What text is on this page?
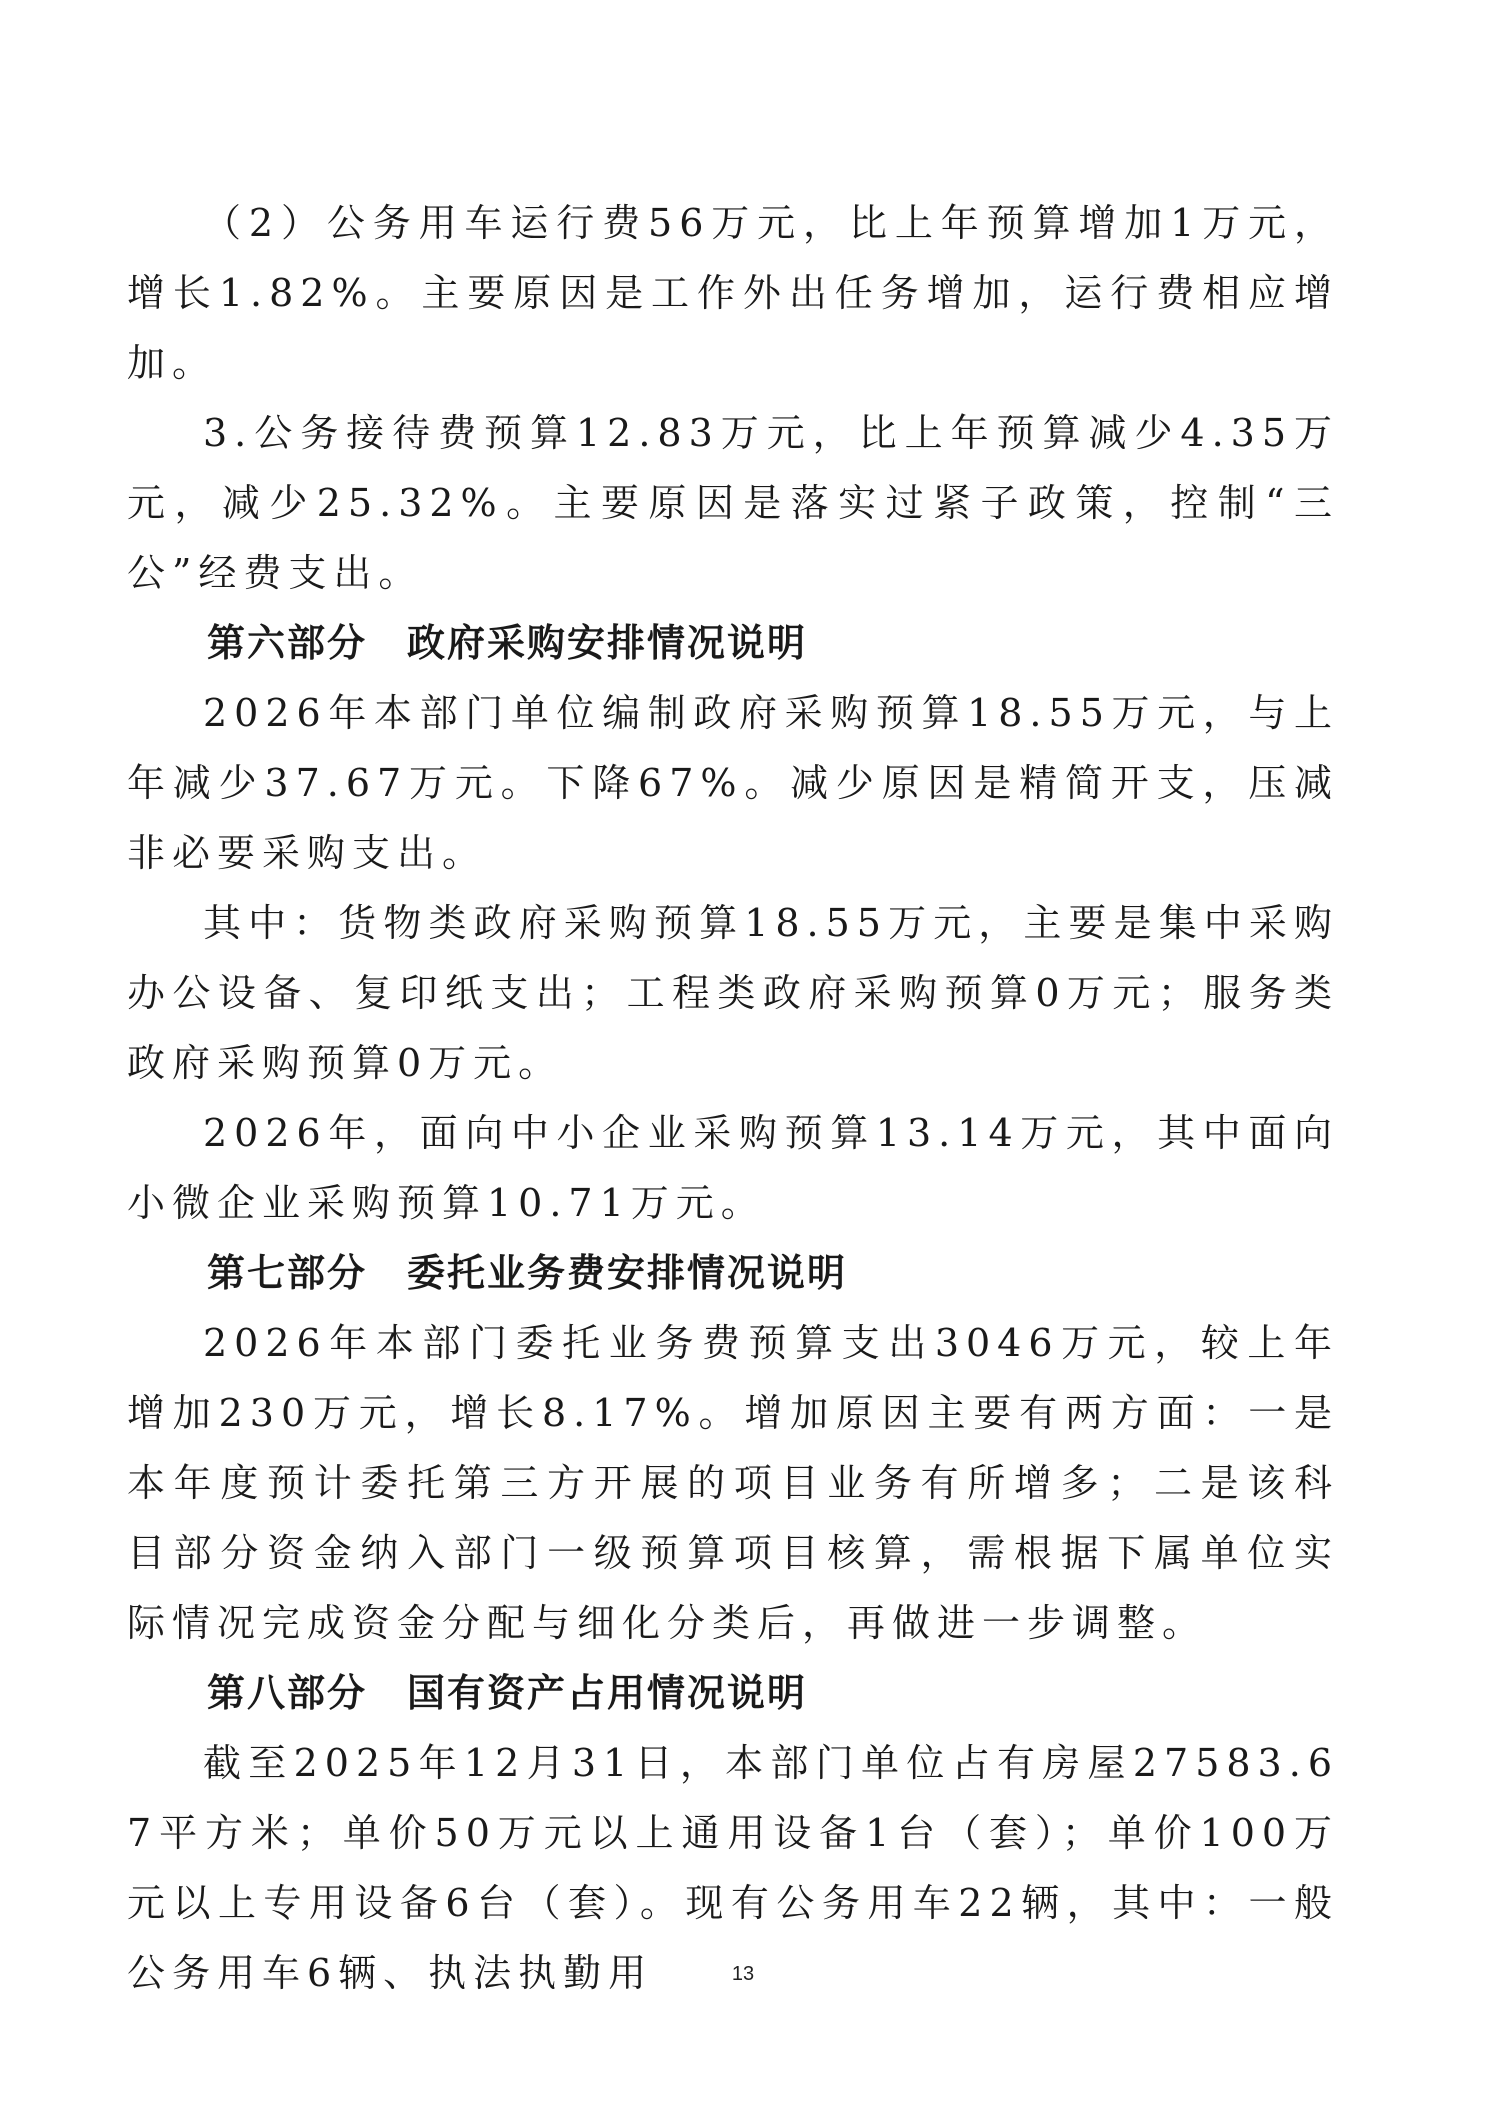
（2）公务用车运行费56万元，比上年预算增加1万元，增长1.82%。主要原因是工作外出任务增加，运行费相应增加。

3.公务接待费预算12.83万元，比上年预算减少4.35万元，减少25.32%。主要原因是落实过紧子政策，控制“三公”经费支出。

第六部分　政府采购安排情况说明

2026年本部门单位编制政府采购预算18.55万元，与上年减少37.67万元。下降67%。减少原因是精简开支，压减非必要采购支出。

其中：货物类政府采购预算18.55万元，主要是集中采购办公设备、复印纸支出；工程类政府采购预算0万元；服务类政府采购预算0万元。

2026年，面向中小企业采购预算13.14万元，其中面向小微企业采购预算10.71万元。

第七部分　委托业务费安排情况说明

2026年本部门委托业务费预算支出3046万元，较上年增加230万元，增长8.17%。增加原因主要有两方面：一是本年度预计委托第三方开展的项目业务有所增多；二是该科目部分资金纳入部门一级预算项目核算，需根据下属单位实际情况完成资金分配与细化分类后，再做进一步调整。

第八部分　国有资产占用情况说明

截至2025年12月31日，本部门单位占有房屋27583.67平方米；单价50万元以上通用设备1台（套）；单价100万元以上专用设备6台（套）。现有公务用车22辆，其中：一般公务用车6辆、执法执勤用	13
